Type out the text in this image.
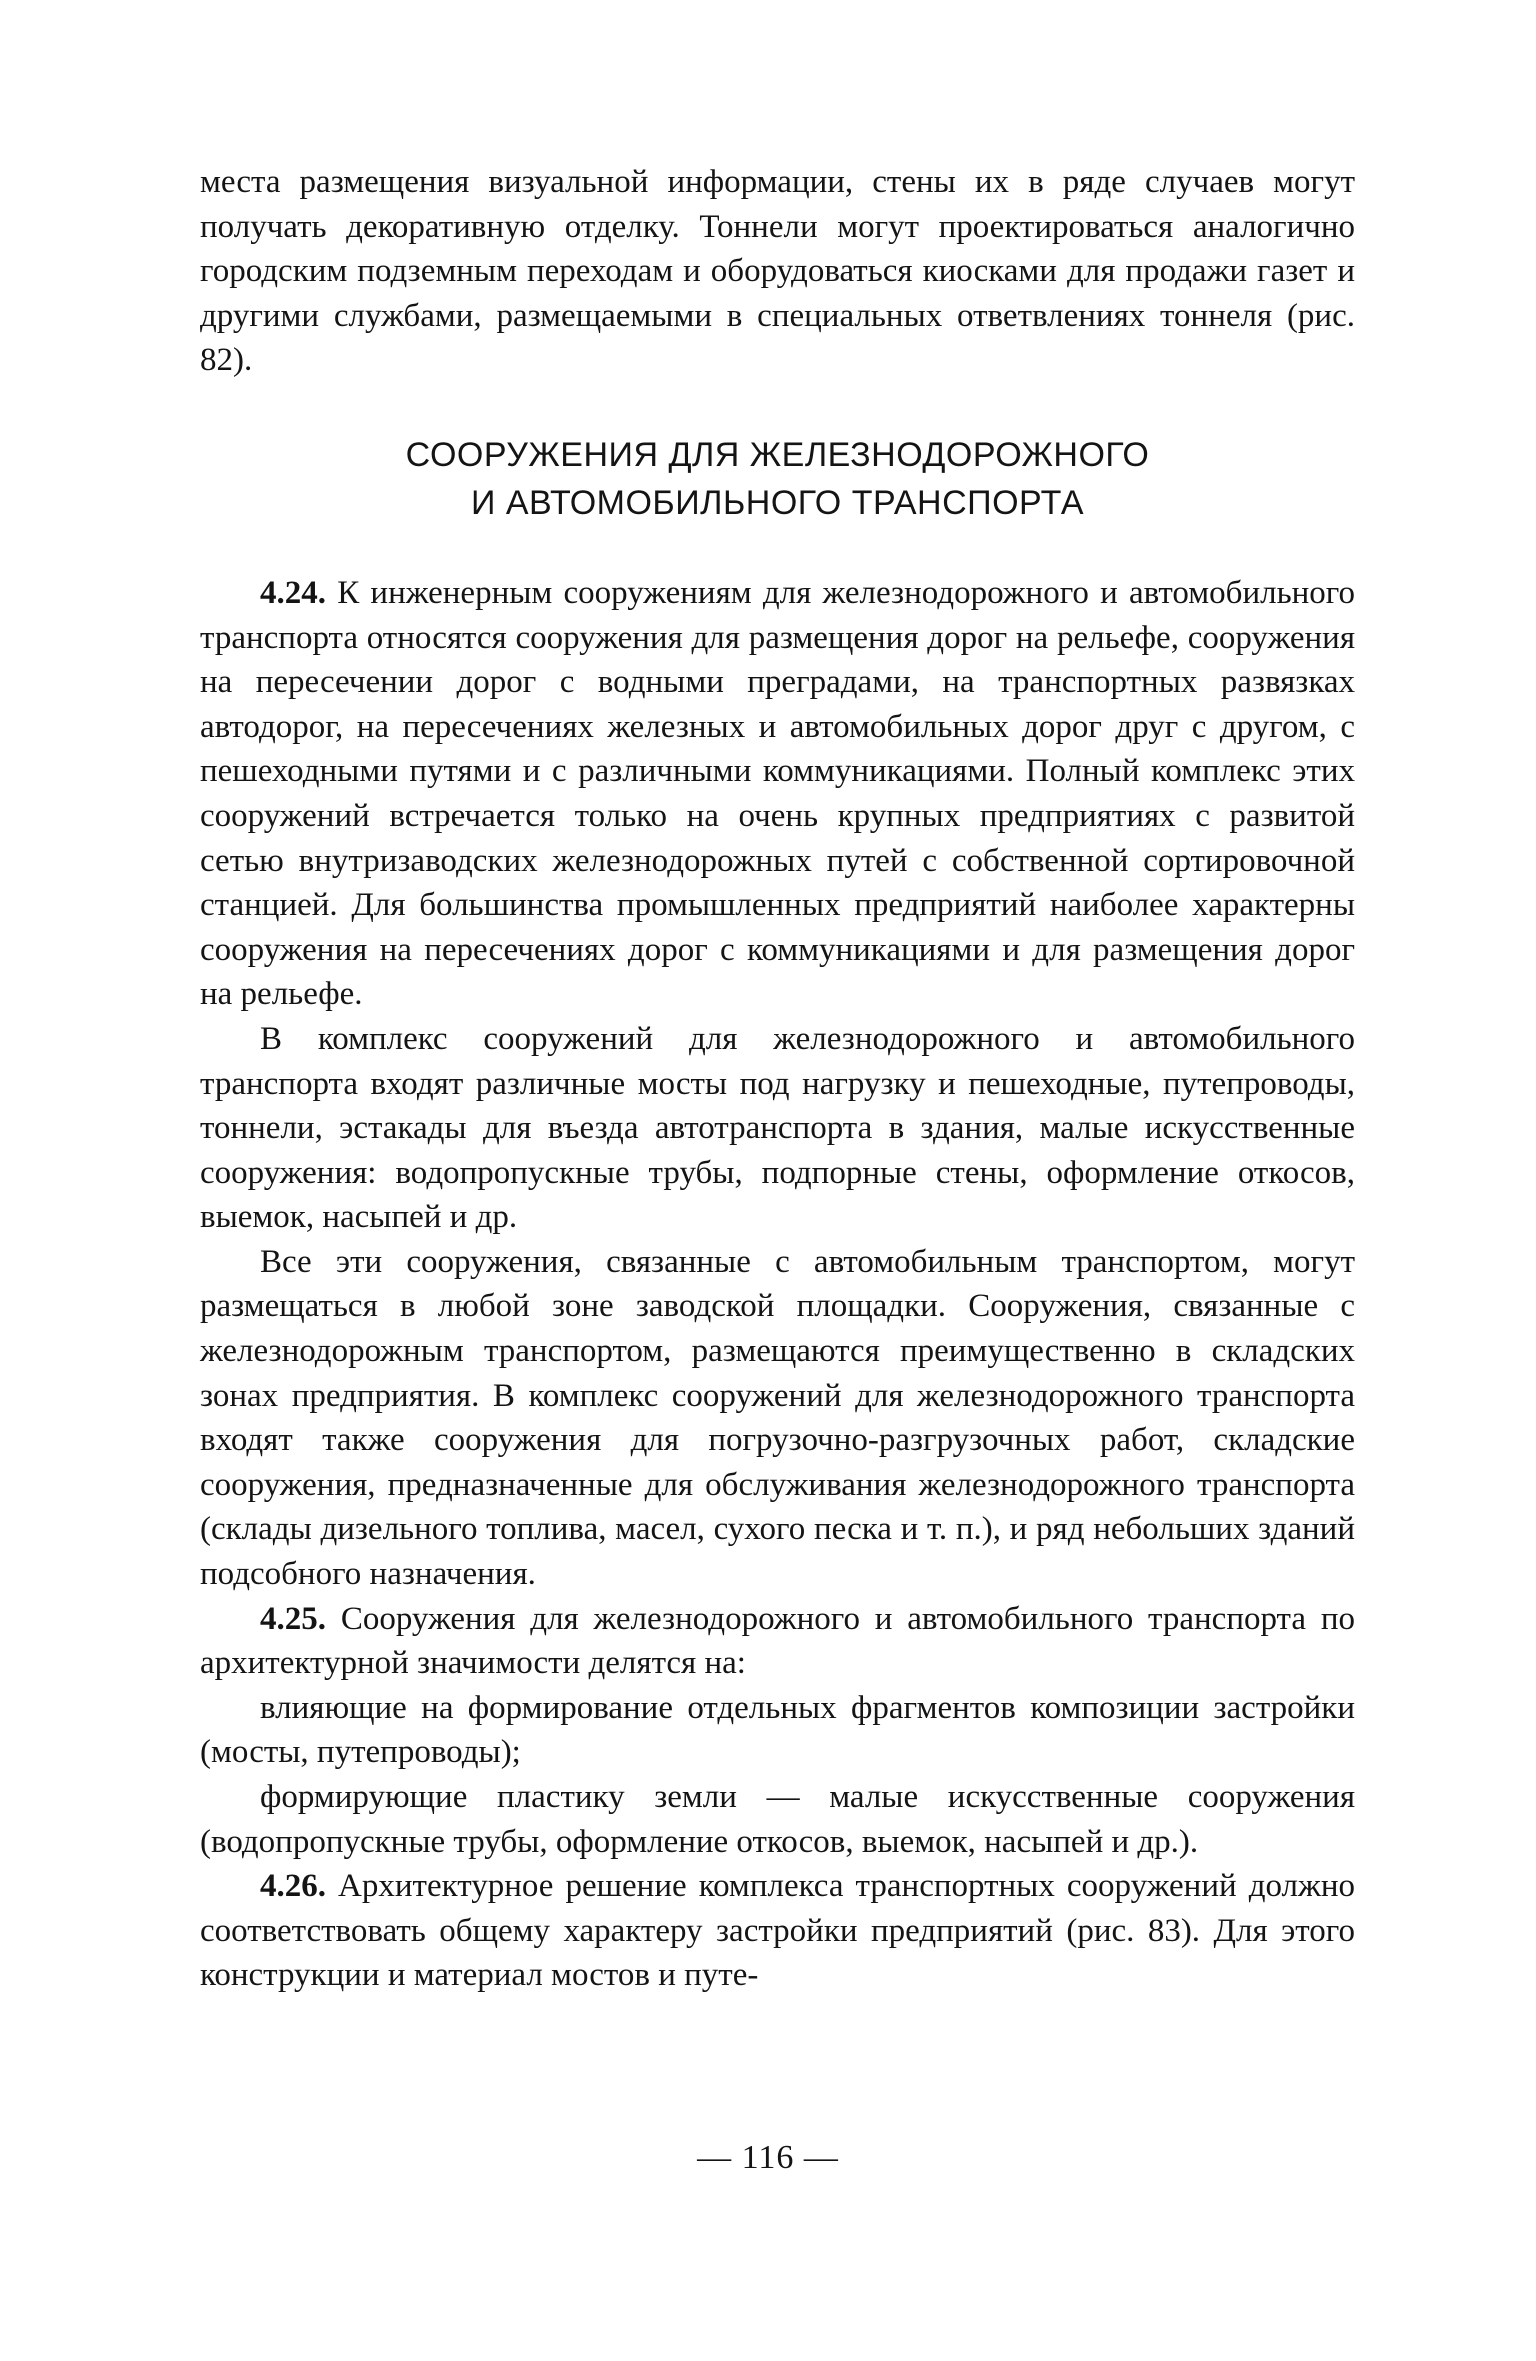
места размещения визуальной информации, стены их в ряде случаев могут получать декоративную отделку. Тоннели могут проектироваться аналогично городским подземным переходам и оборудоваться киосками для продажи газет и другими службами, размещаемыми в специальных ответвлениях тоннеля (рис. 82).

СООРУЖЕНИЯ ДЛЯ ЖЕЛЕЗНОДОРОЖНОГО

И АВТОМОБИЛЬНОГО ТРАНСПОРТА

4.24. К инженерным сооружениям для железнодорожного и автомобильного транспорта относятся сооружения для размещения дорог на рельефе, сооружения на пересечении дорог с водными преградами, на транспортных развязках автодорог, на пересечениях железных и автомобильных дорог друг с другом, с пешеходными путями и с различными коммуникациями. Полный комплекс этих сооружений встречается только на очень крупных предприятиях с развитой сетью внутризаводских железнодорожных путей с собственной сортировочной станцией. Для большинства промышленных предприятий наиболее характерны сооружения на пересечениях дорог с коммуникациями и для размещения дорог на рельефе.

В комплекс сооружений для железнодорожного и автомобильного транспорта входят различные мосты под нагрузку и пешеходные, путепроводы, тоннели, эстакады для въезда автотранспорта в здания, малые искусственные сооружения: водопропускные трубы, подпорные стены, оформление откосов, выемок, насыпей и др.

Все эти сооружения, связанные с автомобильным транспортом, могут размещаться в любой зоне заводской площадки. Сооружения, связанные с железнодорожным транспортом, размещаются преимущественно в складских зонах предприятия. В комплекс сооружений для железнодорожного транспорта входят также сооружения для погрузочно-разгрузочных работ, складские сооружения, предназначенные для обслуживания железнодорожного транспорта (склады дизельного топлива, масел, сухого песка и т. п.), и ряд небольших зданий подсобного назначения.

4.25. Сооружения для железнодорожного и автомобильного транспорта по архитектурной значимости делятся на:

влияющие на формирование отдельных фрагментов композиции застройки (мосты, путепроводы);

формирующие пластику земли — малые искусственные сооружения (водопропускные трубы, оформление откосов, выемок, насыпей и др.).

4.26. Архитектурное решение комплекса транспортных сооружений должно соответствовать общему характеру застройки предприятий (рис. 83). Для этого конструкции и материал мостов и путе-

— 116 —
